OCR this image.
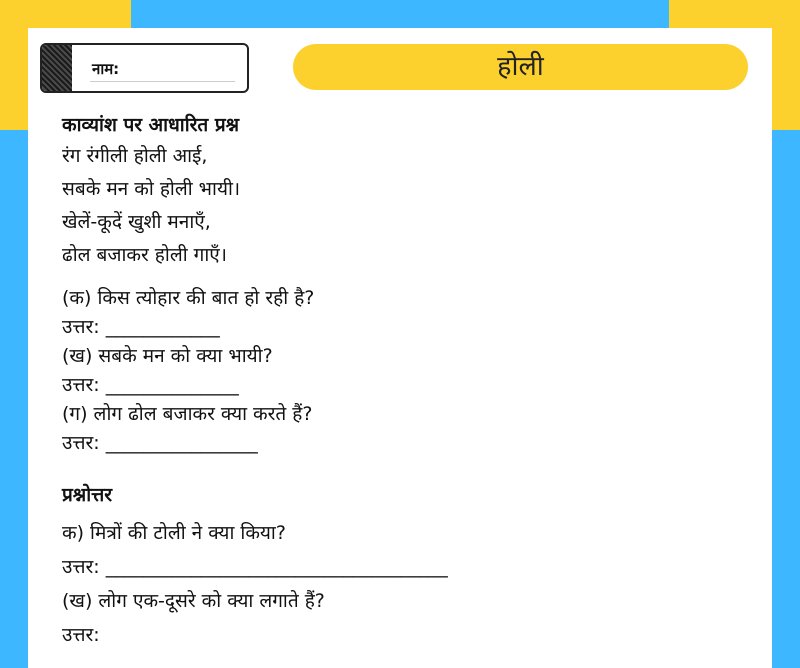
नाम:	होली
काव्यांश पर आधारित प्रश्न
रंग रंगीली होली आई,
सबके मन को होली भायी।
खेलें-कूदें खुशी मनाएँ,
ढोल बजाकर होली गाएँ।
(क) किस त्योहार की बात हो रही है?
उत्तर: ____________
(ख) सबके मन को क्या भायी?
उत्तर: ______________
(ग) लोग ढोल बजाकर क्या करते हैं?
उत्तर: ________________
प्रश्नोत्तर
क) मित्रों की टोली ने क्या किया?
उत्तर: ____________________________________
(ख) लोग एक-दूसरे को क्या लगाते हैं?
उत्तर:
